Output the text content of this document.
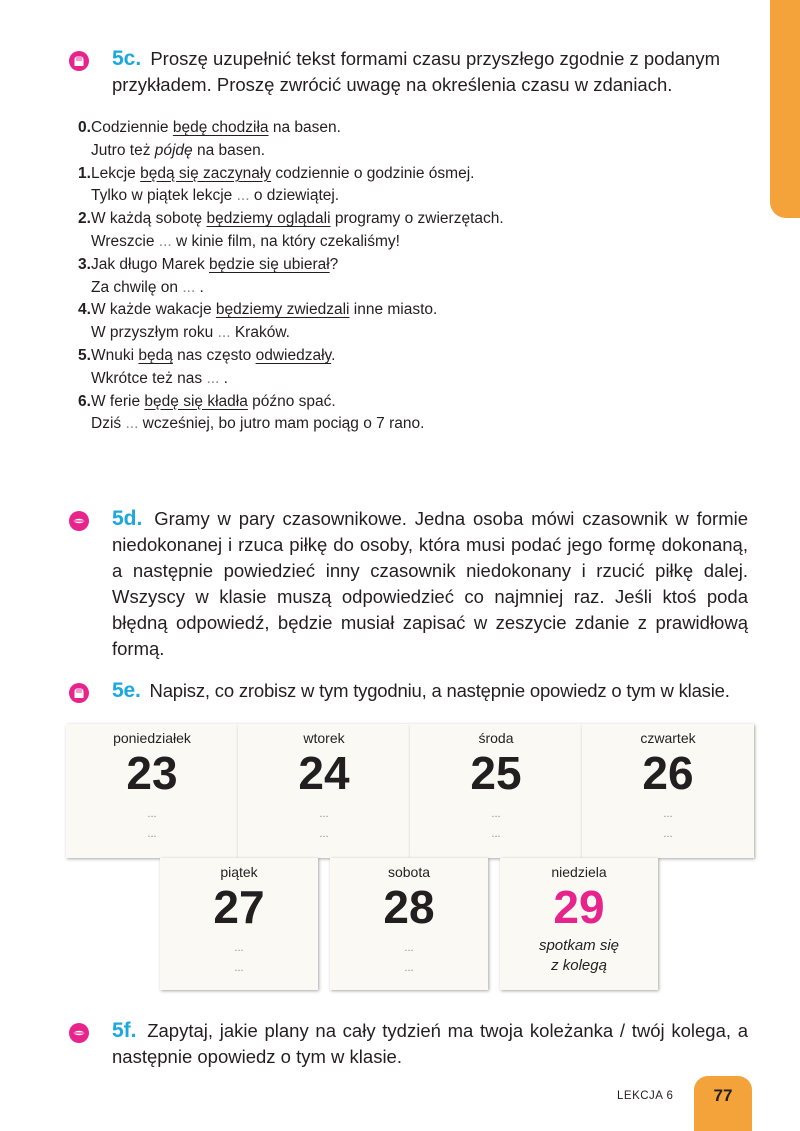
5c. Proszę uzupełnić tekst formami czasu przyszłego zgodnie z podanym
przykładem. Proszę zwrócić uwagę na określenia czasu w zdaniach.
0.Codziennie będę chodziła na basen.
Jutro też pójdę na basen.
1.Lekcje będą się zaczynały codziennie o godzinie ósmej.
Tylko w piątek lekcje ... o dziewiątej.
2.W każdą sobotę będziemy oglądali programy o zwierzętach.
Wreszcie ... w kinie film, na który czekaliśmy!
3.Jak długo Marek będzie się ubierał?
Za chwilę on ... .
4.W każde wakacje będziemy zwiedzali inne miasto.
W przyszłym roku ... Kraków.
5.Wnuki będą nas często odwiedzały.
Wkrótce też nas ... .
6.W ferie będę się kładła późno spać.
Dziś ... wcześniej, bo jutro mam pociąg o 7 rano.
5d. Gramy w pary czasownikowe. Jedna osoba mówi czasownik w formie niedokonanej i rzuca piłkę do osoby, która musi podać jego formę dokonaną, a następnie powiedzieć inny czasownik niedokonany i rzucić piłkę dalej. Wszyscy w klasie muszą odpowiedzieć co najmniej raz. Jeśli ktoś poda błędną odpowiedź, będzie musiał zapisać w zeszycie zdanie z prawidłową formą.
5e. Napisz, co zrobisz w tym tygodniu, a następnie opowiedz o tym w klasie.
poniedziałek
23
...
...
wtorek
24
...
...
środa
25
...
...
czwartek
26
...
...
piątek
27
...
...
sobota
28
...
...
niedziela
29
spotkam się
z kolegą
5f. Zapytaj, jakie plany na cały tydzień ma twoja koleżanka / twój kolega, a następnie opowiedz o tym w klasie.
LEKCJA 6	77
